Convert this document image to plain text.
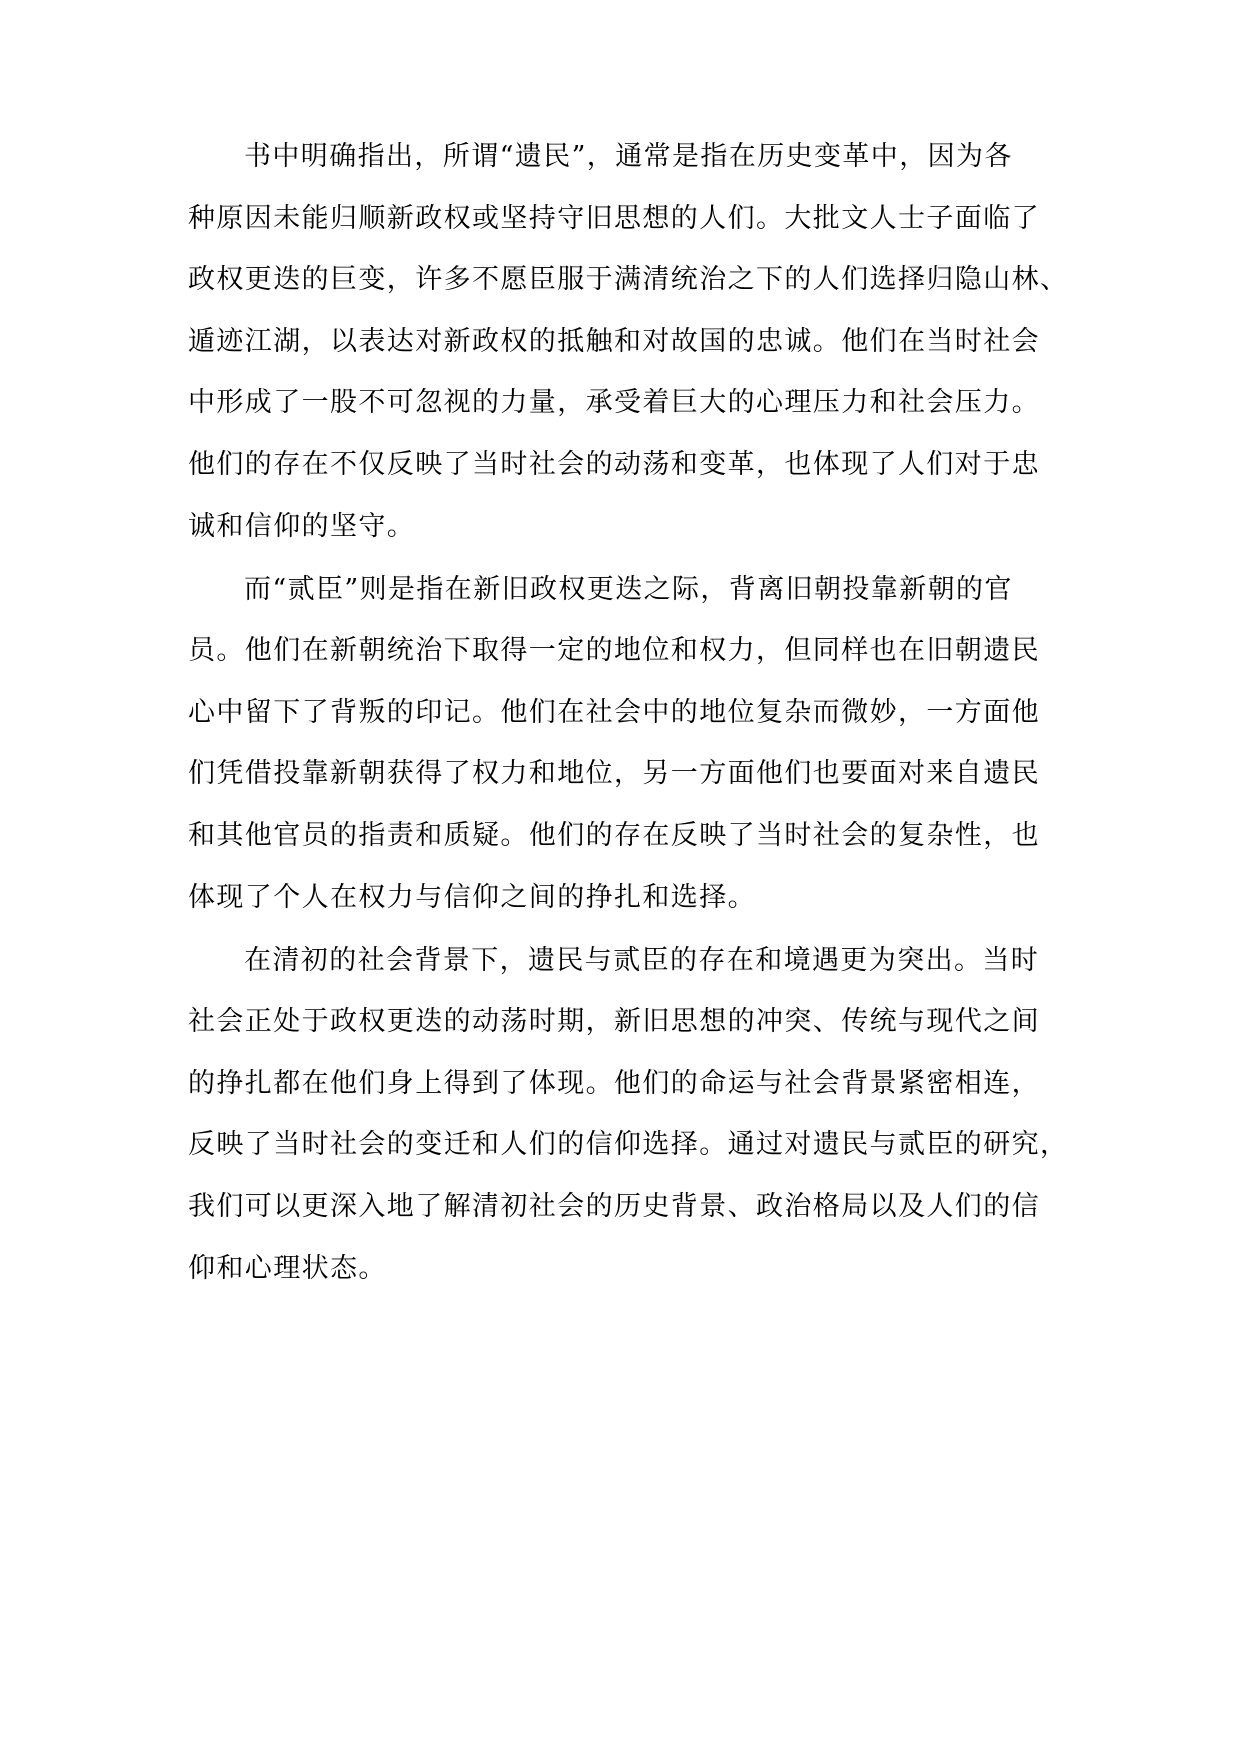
书中明确指出，所谓“遗民”，通常是指在历史变革中，因为各
种原因未能归顺新政权或坚持守旧思想的人们。大批文人士子面临了
政权更迭的巨变，许多不愿臣服于满清统治之下的人们选择归隐山林、
遁迹江湖，以表达对新政权的抵触和对故国的忠诚。他们在当时社会
中形成了一股不可忽视的力量，承受着巨大的心理压力和社会压力。
他们的存在不仅反映了当时社会的动荡和变革，也体现了人们对于忠
诚和信仰的坚守。
而“贰臣”则是指在新旧政权更迭之际，背离旧朝投靠新朝的官
员。他们在新朝统治下取得一定的地位和权力，但同样也在旧朝遗民
心中留下了背叛的印记。他们在社会中的地位复杂而微妙，一方面他
们凭借投靠新朝获得了权力和地位，另一方面他们也要面对来自遗民
和其他官员的指责和质疑。他们的存在反映了当时社会的复杂性，也
体现了个人在权力与信仰之间的挣扎和选择。
在清初的社会背景下，遗民与贰臣的存在和境遇更为突出。当时
社会正处于政权更迭的动荡时期，新旧思想的冲突、传统与现代之间
的挣扎都在他们身上得到了体现。他们的命运与社会背景紧密相连，
反映了当时社会的变迁和人们的信仰选择。通过对遗民与贰臣的研究，
我们可以更深入地了解清初社会的历史背景、政治格局以及人们的信
仰和心理状态。
